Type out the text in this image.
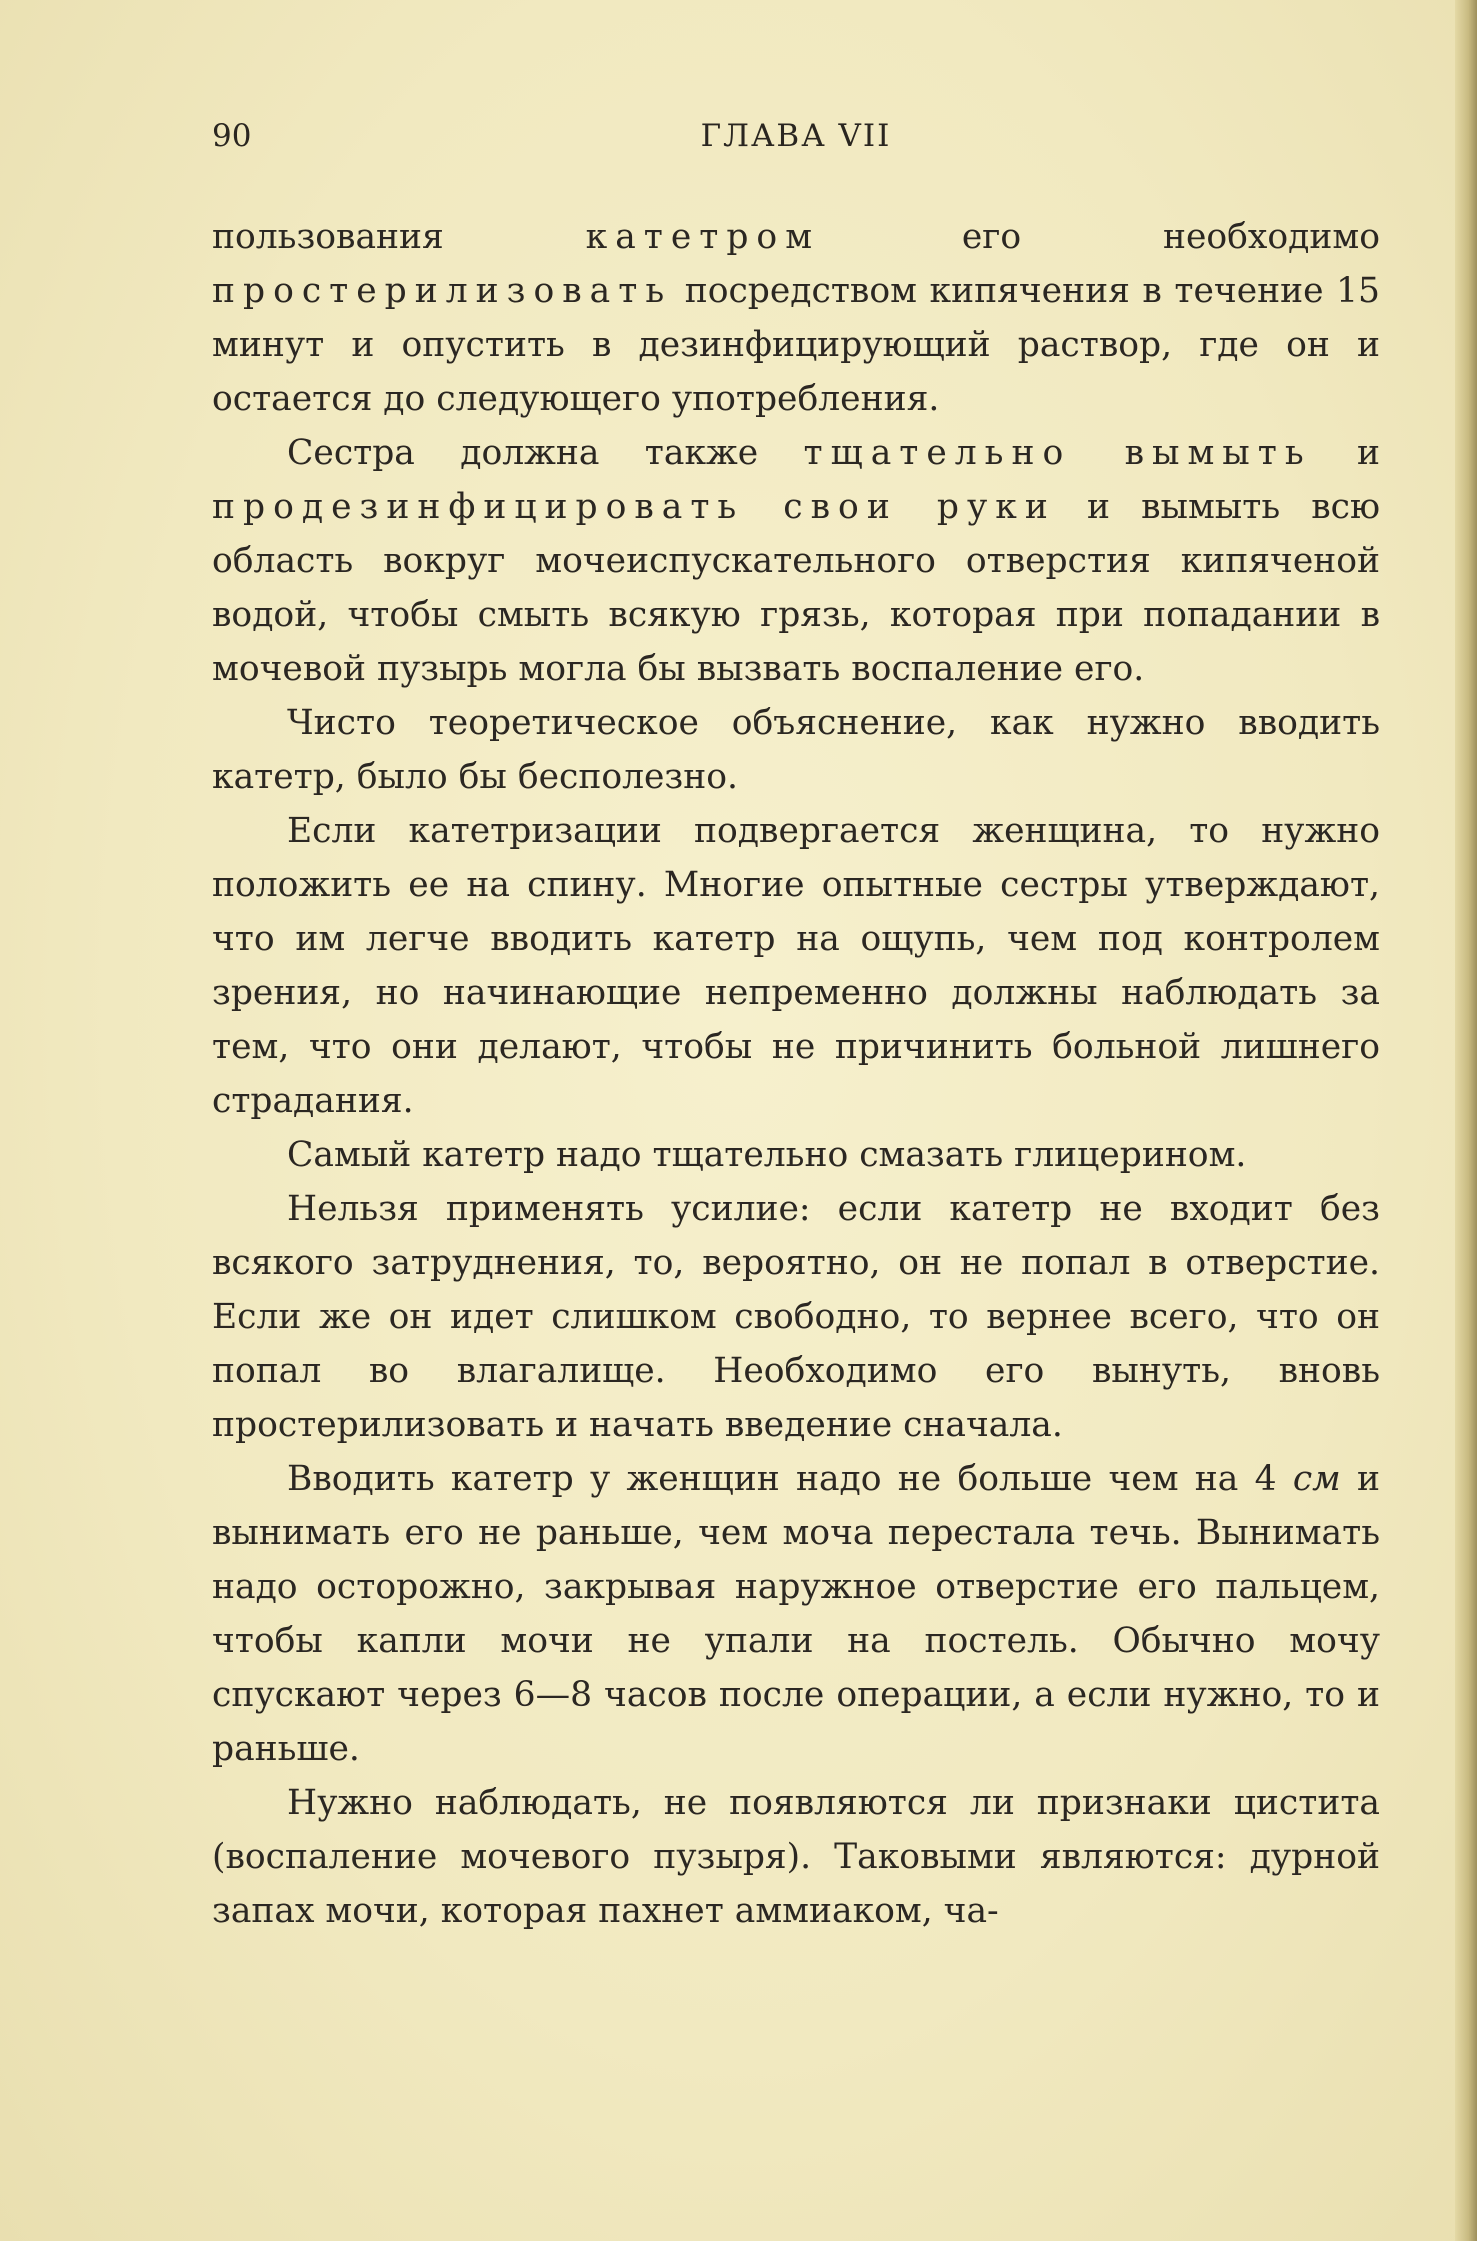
90	ГЛАВА VII

пользования катетром его необходимо простерилизовать посредством кипячения в течение 15 минут и опустить в дезинфицирующий раствор, где он и остается до следующего употребления.

Сестра должна также тщательно вымыть и продезинфицировать свои руки и вымыть всю область вокруг мочеиспускательного отверстия кипяченой водой, чтобы смыть всякую грязь, которая при попадании в мочевой пузырь могла бы вызвать воспаление его.

Чисто теоретическое объяснение, как нужно вводить катетр, было бы бесполезно.

Если катетризации подвергается женщина, то нужно положить ее на спину. Многие опытные сестры утверждают, что им легче вводить катетр на ощупь, чем под контролем зрения, но начинающие непременно должны наблюдать за тем, что они делают, чтобы не причинить больной лишнего страдания.

Самый катетр надо тщательно смазать глицерином.

Нельзя применять усилие: если катетр не входит без всякого затруднения, то, вероятно, он не попал в отверстие. Если же он идет слишком свободно, то вернее всего, что он попал во влагалище. Необходимо его вынуть, вновь простерилизовать и начать введение сначала.

Вводить катетр у женщин надо не больше чем на 4 см и вынимать его не раньше, чем моча перестала течь. Вынимать надо осторожно, закрывая наружное отверстие его пальцем, чтобы капли мочи не упали на постель. Обычно мочу спускают через 6—8 часов после операции, а если нужно, то и раньше.

Нужно наблюдать, не появляются ли признаки цистита (воспаление мочевого пузыря). Таковыми являются: дурной запах мочи, которая пахнет аммиаком, ча-
